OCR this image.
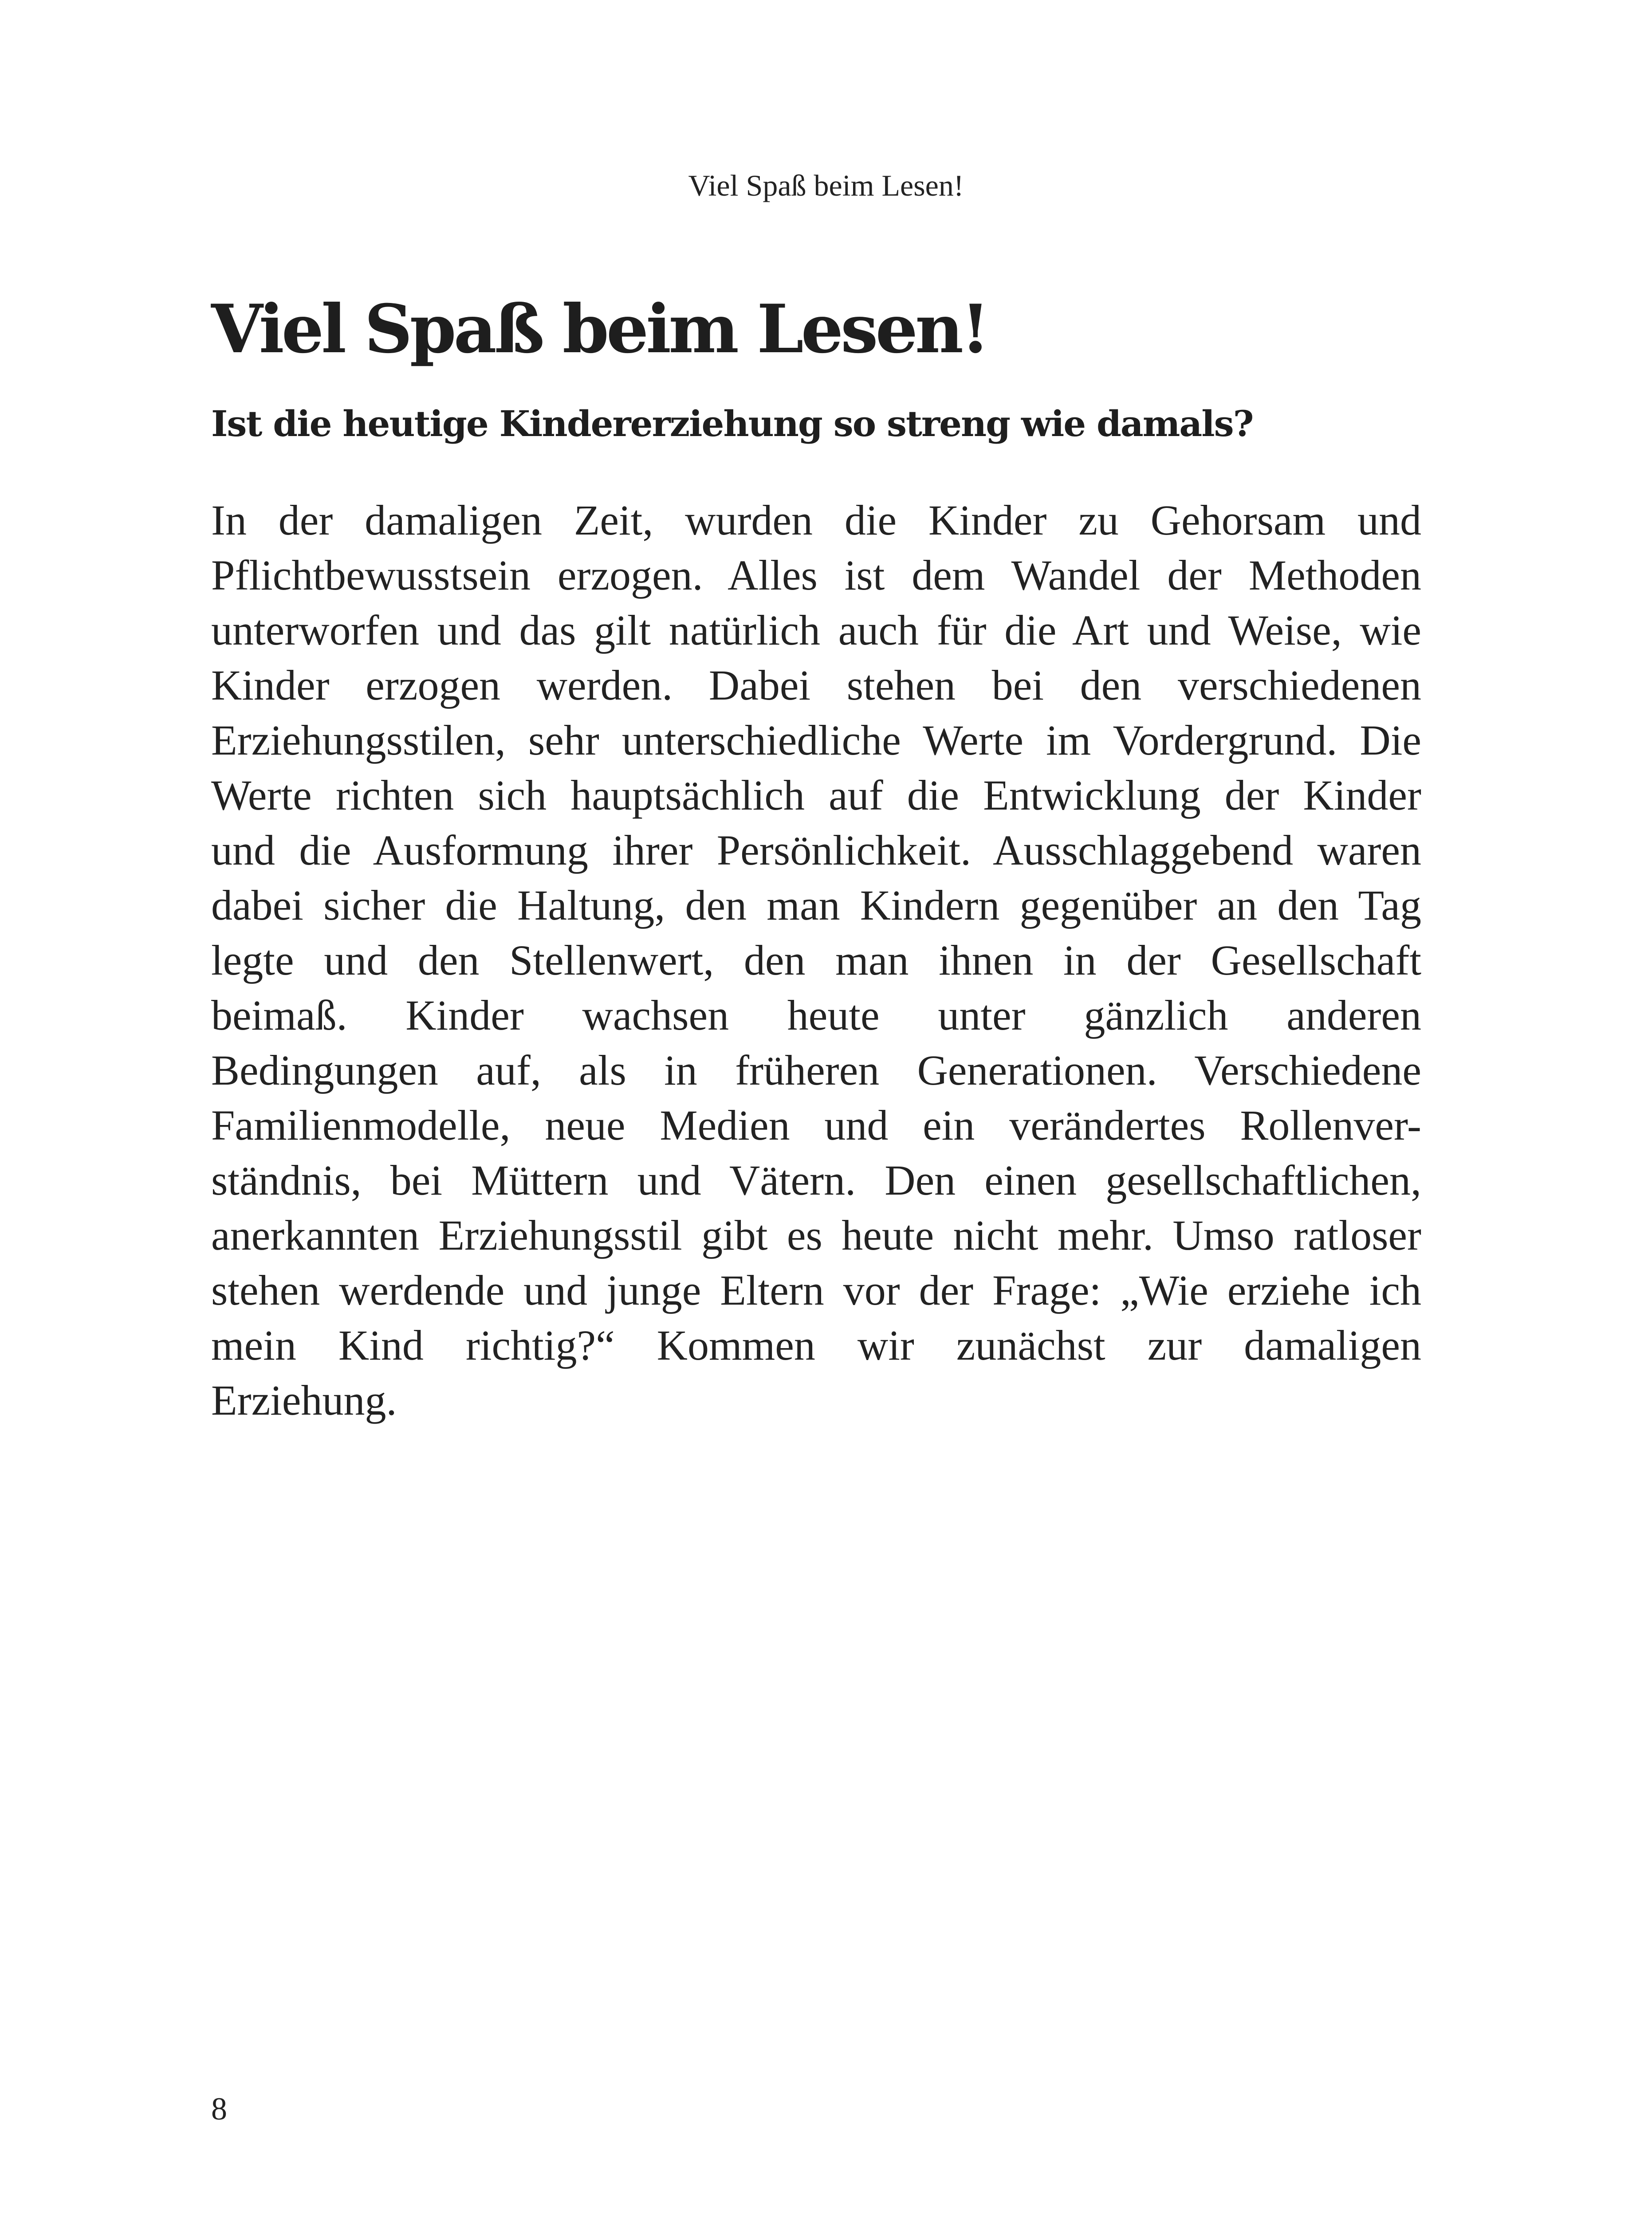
Viel Spaß beim Lesen!
Viel Spaß beim Lesen!
Ist die heutige Kindererziehung so streng wie damals?
In der damaligen Zeit, wurden die Kinder zu Gehorsam und
Pflichtbewusstsein erzogen. Alles ist dem Wandel der Methoden
unterworfen und das gilt natürlich auch für die Art und Weise, wie
Kinder erzogen werden. Dabei stehen bei den verschiedenen
Erziehungsstilen, sehr unterschiedliche Werte im Vordergrund. Die
Werte richten sich hauptsächlich auf die Entwicklung der Kinder
und die Ausformung ihrer Persönlichkeit. Ausschlaggebend waren
dabei sicher die Haltung, den man Kindern gegenüber an den Tag
legte und den Stellenwert, den man ihnen in der Gesellschaft
beimaß. Kinder wachsen heute unter gänzlich anderen
Bedingungen auf, als in früheren Generationen. Verschiedene
Familienmodelle, neue Medien und ein verändertes Rollenver-
ständnis, bei Müttern und Vätern. Den einen gesellschaftlichen,
anerkannten Erziehungsstil gibt es heute nicht mehr. Umso ratloser
stehen werdende und junge Eltern vor der Frage: „Wie erziehe ich
mein Kind richtig?“ Kommen wir zunächst zur damaligen
Erziehung.
8
